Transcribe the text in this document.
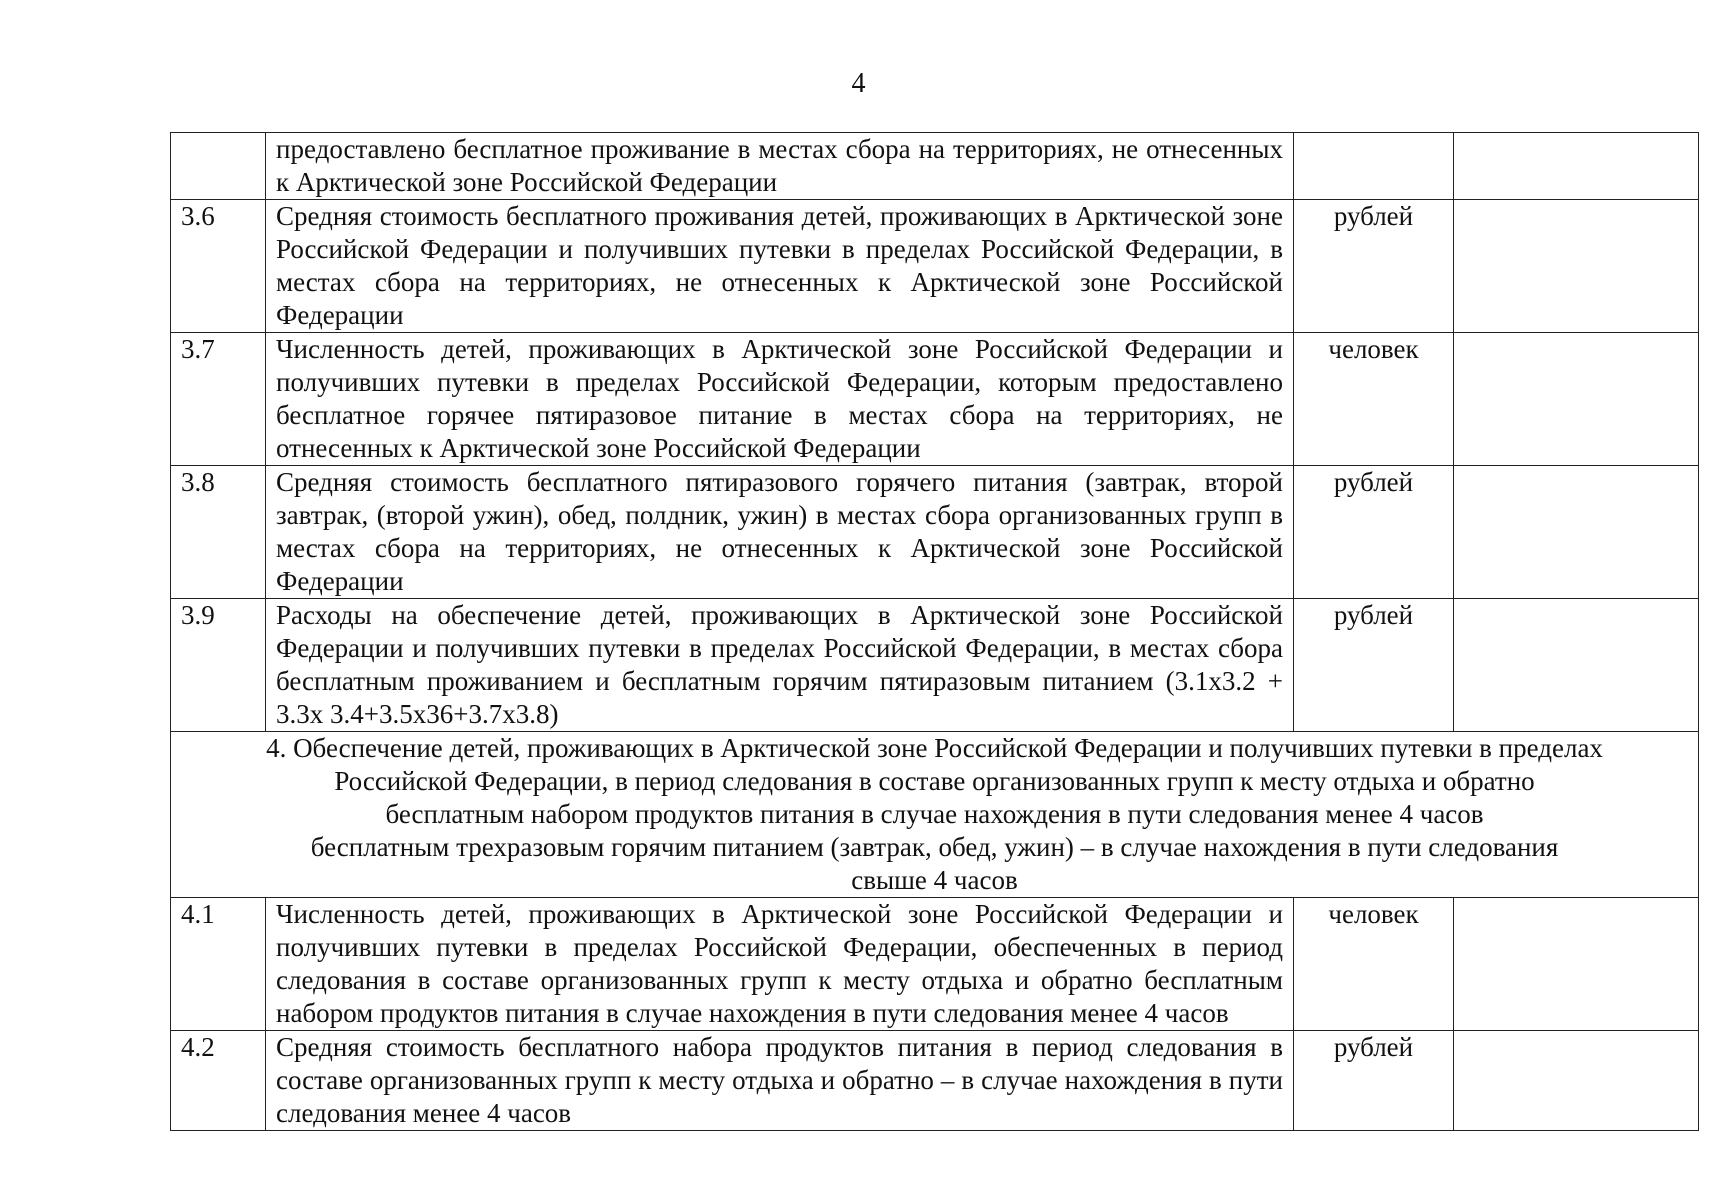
4
	предоставлено бесплатное проживание в местах сбора на территориях, не отнесенных к Арктической зоне Российской Федерации		
3.6	Средняя стоимость бесплатного проживания детей, проживающих в Арктической зоне Российской Федерации и получивших путевки в пределах Российской Федерации, в местах сбора на территориях, не отнесенных к Арктической зоне Российской Федерации	рублей	
3.7	Численность детей, проживающих в Арктической зоне Российской Федерации и получивших путевки в пределах Российской Федерации, которым предоставлено бесплатное горячее пятиразовое питание в местах сбора на территориях, не отнесенных к Арктической зоне Российской Федерации	человек	
3.8	Средняя стоимость бесплатного пятиразового горячего питания (завтрак, второй завтрак, (второй ужин), обед, полдник, ужин) в местах сбора организованных групп в местах сбора на территориях, не отнесенных к Арктической зоне Российской Федерации	рублей	
3.9	Расходы на обеспечение детей, проживающих в Арктической зоне Российской Федерации и получивших путевки в пределах Российской Федерации, в местах сбора бесплатным проживанием и бесплатным горячим пятиразовым питанием (3.1х3.2 + 3.3х 3.4+3.5х36+3.7х3.8)	рублей	

4. Обеспечение детей, проживающих в Арктической зоне Российской Федерации и получивших путевки в пределах
Российской Федерации, в период следования в составе организованных групп к месту отдыха и обратно
бесплатным набором продуктов питания в случае нахождения в пути следования менее 4 часов
бесплатным трехразовым горячим питанием (завтрак, обед, ужин) – в случае нахождения в пути следования
свыше 4 часов			

4.1	Численность детей, проживающих в Арктической зоне Российской Федерации и получивших путевки в пределах Российской Федерации, обеспеченных в период следования в составе организованных групп к месту отдыха и обратно бесплатным набором продуктов питания в случае нахождения в пути следования менее 4 часов	человек	
4.2	Средняя стоимость бесплатного набора продуктов питания в период следования в составе организованных групп к месту отдыха и обратно – в случае нахождения в пути следования менее 4 часов	рублей	
